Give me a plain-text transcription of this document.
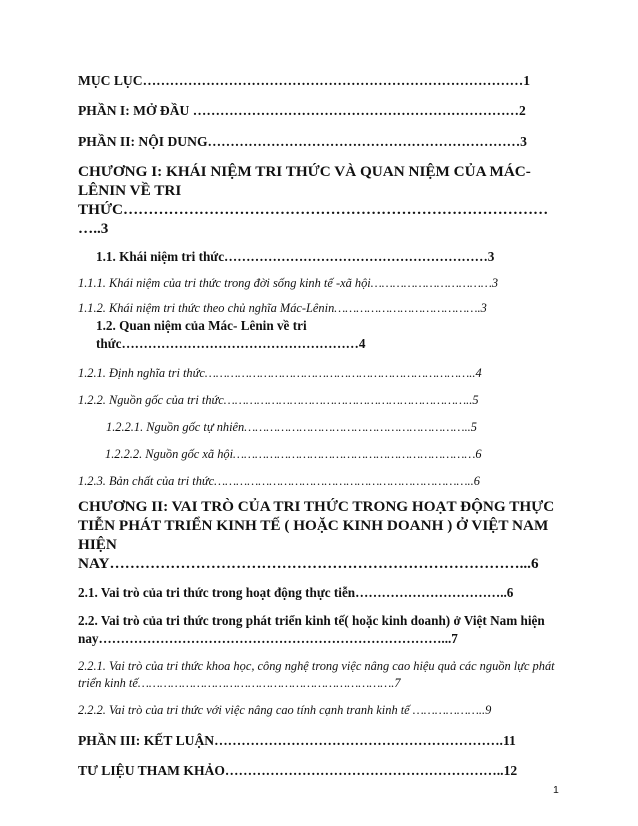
MỤC LỤC…………………………………………………………………………1

PHẦN I: MỞ ĐẦU ………………………………………………………………2

PHẦN II: NỘI DUNG……………………………………………………………3

CHƯƠNG I: KHÁI NIỆM TRI THỨC VÀ QUAN NIỆM CỦA MÁC-LÊNIN VỀ TRI THỨC……………………………………………………………………………..3

1.1. Khái niệm tri thức……………………………………………………3

1.1.1. Khái niệm của tri thức trong đời sống kinh tế -xã hội……………………………3

1.1.2. Khái niệm tri thức theo chủ nghĩa Mác-Lênin………………………………….3

1.2. Quan niệm của Mác- Lênin về tri thức………………………………………………4

1.2.1. Định nghĩa tri thức………………………………………………………………..4

1.2.2. Nguồn gốc của tri thức…………………………………………………………..5

1.2.2.1. Nguồn gốc tự nhiên……………………………………………………..5

1.2.2.2. Nguồn gốc xã hội…………………………………………………………6

1.2.3. Bản chất của tri thức……………………………………………………………..6

CHƯƠNG II: VAI TRÒ CỦA TRI THỨC TRONG HOẠT ĐỘNG THỰC TIỄN PHÁT TRIỂN KINH TẾ ( HOẶC KINH DOANH ) Ở VIỆT NAM HIỆN NAY………………………………………………………………………...6

2.1. Vai trò của tri thức trong hoạt động thực tiễn……………………………..6

2.2. Vai trò của tri thức trong phát triển kinh tế( hoặc kinh doanh) ở Việt Nam hiện nay……………………………………………………………………...7

2.2.1. Vai trò của tri thức khoa học, công nghệ trong việc nâng cao hiệu quả các nguồn lực phát triển kinh tế…………………………………………………………….7

2.2.2. Vai trò của tri thức với việc nâng cao tính cạnh tranh kinh tế ………………..9

PHẦN III: KẾT LUẬN……………………………………………………….11

TƯ LIỆU THAM KHẢO……………………………………………………..12

1
